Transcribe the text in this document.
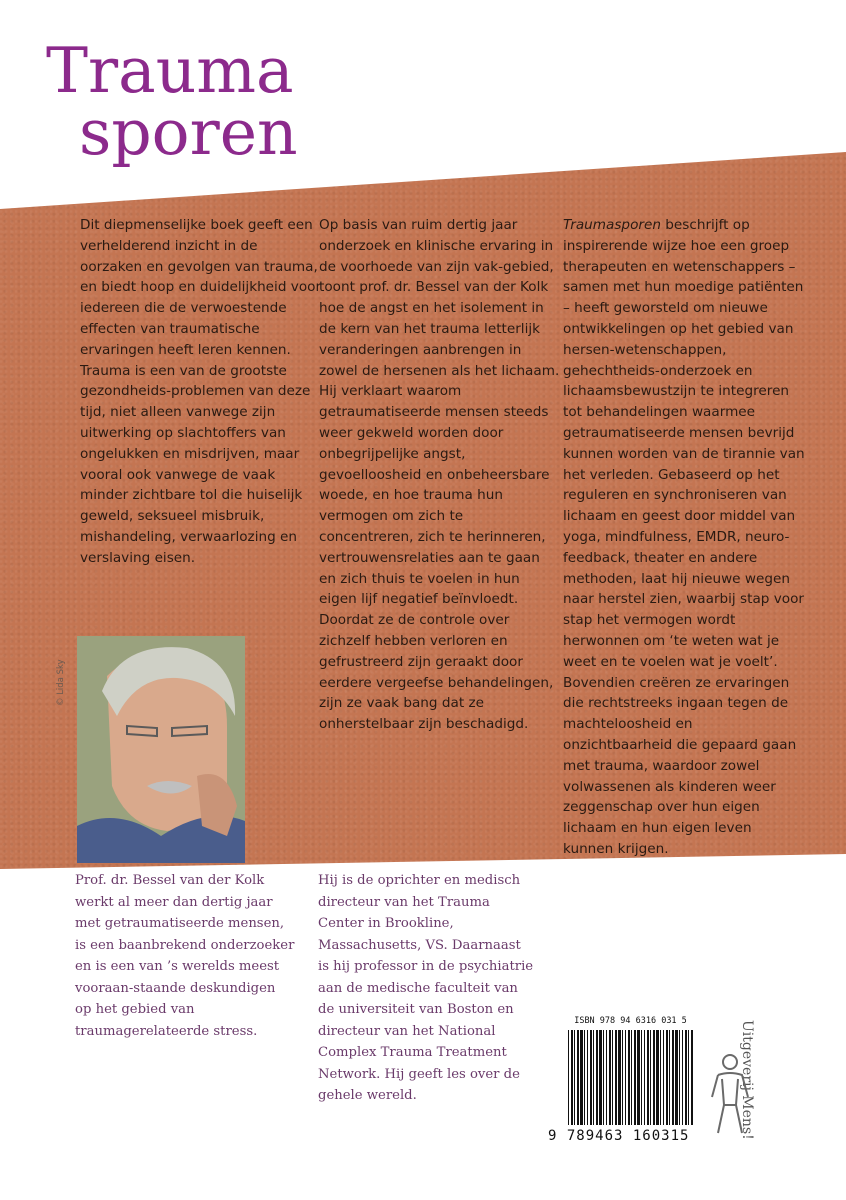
Trauma
sporen

Dit diepmenselijke boek geeft een verhelderend inzicht in de oorzaken en gevolgen van trauma, en biedt hoop en duidelijkheid voor iedereen die de verwoestende effecten van traumatische ervaringen heeft leren kennen. Trauma is een van de grootste gezondheids-problemen van deze tijd, niet alleen vanwege zijn uitwerking op slachtoffers van ongelukken en misdrijven, maar vooral ook vanwege de vaak minder zichtbare tol die huiselijk geweld, seksueel misbruik, mishandeling, verwaarlozing en verslaving eisen.

Op basis van ruim dertig jaar onderzoek en klinische ervaring in de voorhoede van zijn vak-gebied, toont prof. dr. Bessel van der Kolk hoe de angst en het isolement in de kern van het trauma letterlijk veranderingen aanbrengen in zowel de hersenen als het lichaam. Hij verklaart waarom getraumatiseerde mensen steeds weer gekweld worden door onbegrijpelijke angst, gevoelloosheid en onbeheersbare woede, en hoe trauma hun vermogen om zich te concentreren, zich te herinneren, vertrouwensrelaties aan te gaan en zich thuis te voelen in hun eigen lijf negatief beïnvloedt. Doordat ze de controle over zichzelf hebben verloren en gefrustreerd zijn geraakt door eerdere vergeefse behandelingen, zijn ze vaak bang dat ze onherstelbaar zijn beschadigd.

Traumasporen beschrijft op inspirerende wijze hoe een groep therapeuten en wetenschappers – samen met hun moedige patiënten – heeft geworsteld om nieuwe ontwikkelingen op het gebied van hersen-wetenschappen, gehechtheids-onderzoek en lichaamsbewustzijn te integreren tot behandelingen waarmee getraumatiseerde mensen bevrijd kunnen worden van de tirannie van het verleden. Gebaseerd op het reguleren en synchroniseren van lichaam en geest door middel van yoga, mindfulness, EMDR, neuro-feedback, theater en andere methoden, laat hij nieuwe wegen naar herstel zien, waarbij stap voor stap het vermogen wordt herwonnen om ‘te weten wat je weet en te voelen wat je voelt’. Bovendien creëren ze ervaringen die rechtstreeks ingaan tegen de machteloosheid en onzichtbaarheid die gepaard gaan met trauma, waardoor zowel volwassenen als kinderen weer zeggenschap over hun eigen lichaam en hun eigen leven kunnen krijgen.

© Lida Sky

Prof. dr. Bessel van der Kolk werkt al meer dan dertig jaar met getraumatiseerde mensen, is een baanbrekend onderzoeker en is een van ’s werelds meest vooraan-staande deskundigen op het gebied van traumagerelateerde stress.

Hij is de oprichter en medisch directeur van het Trauma Center in Brookline, Massachusetts, VS. Daarnaast is hij professor in de psychiatrie aan de medische faculteit van de universiteit van Boston en directeur van het National Complex Trauma Treatment Network. Hij geeft les over de gehele wereld.

ISBN 978 94 6316 031 5
9 789463 160315	Uitgeverij Mens!
